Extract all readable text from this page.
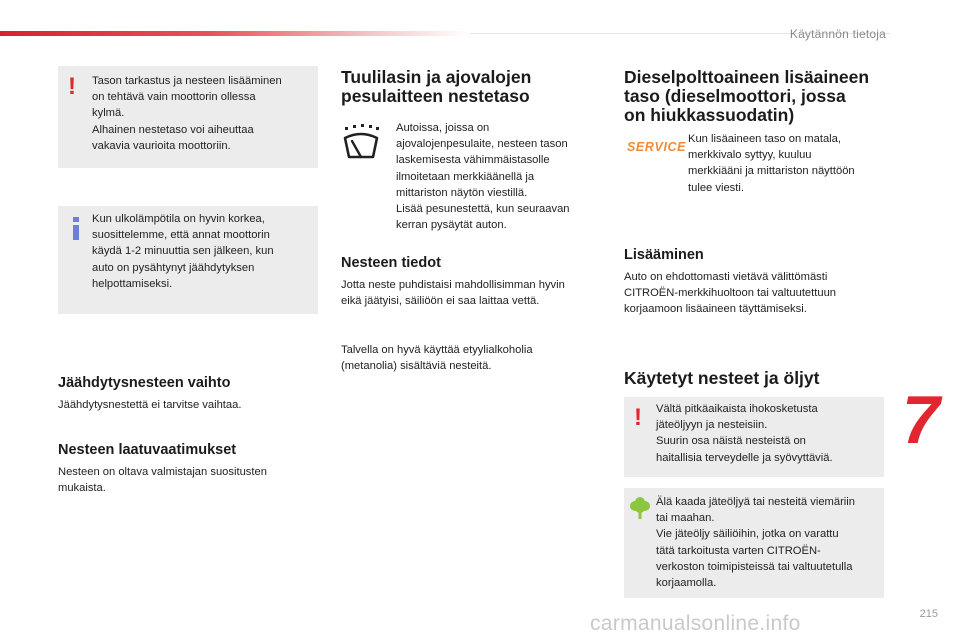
Käytännön tietoja
! Tason tarkastus ja nesteen lisääminen
on tehtävä vain moottorin ollessa
kylmä.
Alhainen nestetaso voi aiheuttaa
vakavia vaurioita moottoriin.
Kun ulkolämpötila on hyvin korkea,
suosittelemme, että annat moottorin
käydä 1-2 minuuttia sen jälkeen, kun
auto on pysähtynyt jäähdytyksen
helpottamiseksi.
Jäähdytysnesteen vaihto
Jäähdytysnestettä ei tarvitse vaihtaa.
Nesteen laatuvaatimukset
Nesteen on oltava valmistajan suositusten
mukaista.
Tuulilasin ja ajovalojen
pesulaitteen nestetaso
Autoissa, joissa on
ajovalojenpesulaite, nesteen tason
laskemisesta vähimmäistasolle
ilmoitetaan merkkiäänellä ja
mittariston näytön viestillä.
Lisää pesunestettä, kun seuraavan
kerran pysäytät auton.
Nesteen tiedot
Jotta neste puhdistaisi mahdollisimman hyvin
eikä jäätyisi, säiliöön ei saa laittaa vettä.
Talvella on hyvä käyttää etyylialkoholia
(metanolia) sisältäviä nesteitä.
Dieselpolttoaineen lisäaineen
taso (dieselmoottori, jossa
on hiukkassuodatin)
SERVICE
Kun lisäaineen taso on matala,
merkkivalo syttyy, kuuluu
merkkiääni ja mittariston näyttöön
tulee viesti.
Lisääminen
Auto on ehdottomasti vietävä välittömästi
CITROËN-merkkihuoltoon tai valtuutettuun
korjaamoon lisäaineen täyttämiseksi.
Käytetyt nesteet ja öljyt
! Vältä pitkäaikaista ihokosketusta
jäteöljyyn ja nesteisiin.
Suurin osa näistä nesteistä on
haitallisia terveydelle ja syövyttäviä.
Älä kaada jäteöljyä tai nesteitä viemäriin
tai maahan.
Vie jäteöljy säiliöihin, jotka on varattu
tätä tarkoitusta varten CITROËN-
verkoston toimipisteissä tai valtuutetulla
korjaamolla.
7
carmanualsonline.info	215
